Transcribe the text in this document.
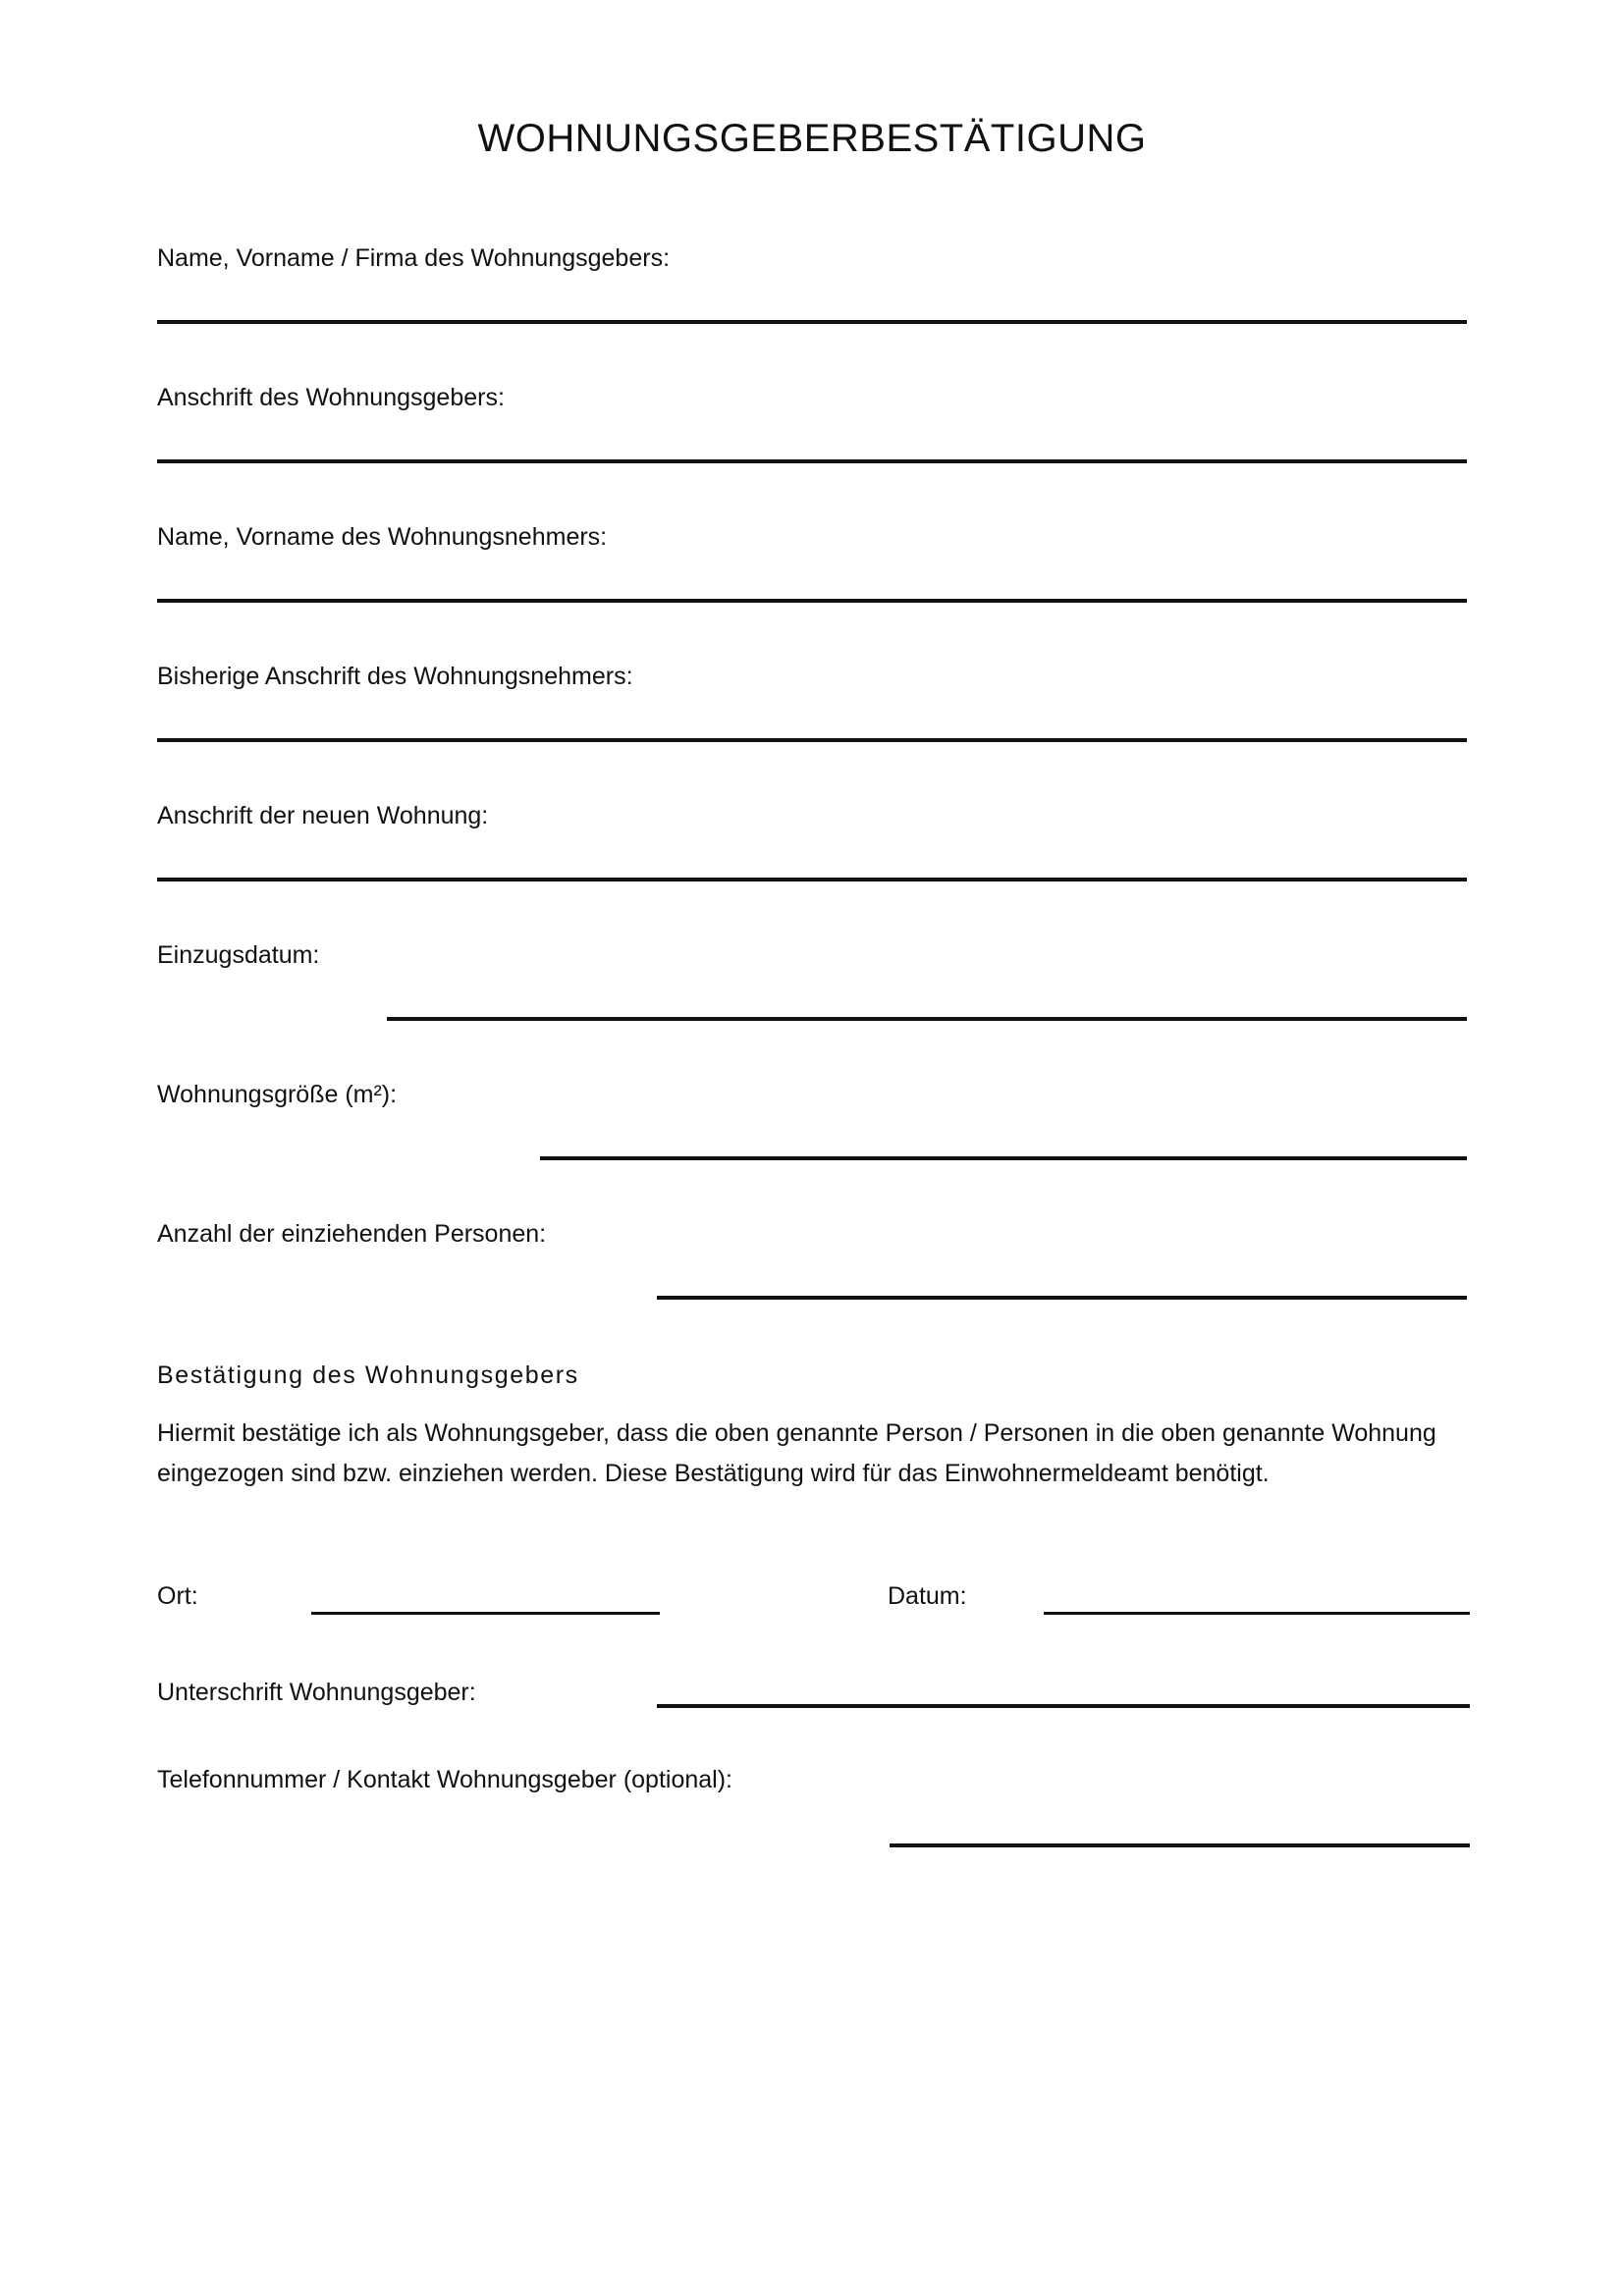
WOHNUNGSGEBERBESTÄTIGUNG
Name, Vorname / Firma des Wohnungsgebers:
Anschrift des Wohnungsgebers:
Name, Vorname des Wohnungsnehmers:
Bisherige Anschrift des Wohnungsnehmers:
Anschrift der neuen Wohnung:
Einzugsdatum:
Wohnungsgröße (m²):
Anzahl der einziehenden Personen:
Bestätigung des Wohnungsgebers

Hiermit bestätige ich als Wohnungsgeber, dass die oben genannte Person / Personen in die oben genannte Wohnung eingezogen sind bzw. einziehen werden. Diese Bestätigung wird für das Einwohnermeldeamt benötigt.

Ort:	Datum:
Unterschrift Wohnungsgeber:
Telefonnummer / Kontakt Wohnungsgeber (optional):
